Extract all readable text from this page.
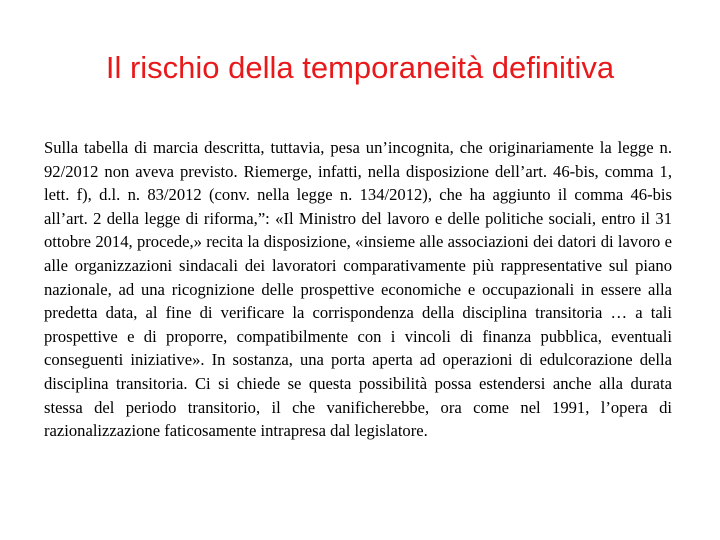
Il rischio della temporaneità definitiva

Sulla tabella di marcia descritta, tuttavia, pesa un’incognita, che originariamente la legge n. 92/2012 non aveva previsto. Riemerge, infatti, nella disposizione dell’art. 46-bis, comma 1, lett. f), d.l. n. 83/2012 (conv. nella legge n. 134/2012), che ha aggiunto il comma 46-bis all’art. 2 della legge di riforma,”: «Il Ministro del lavoro e delle politiche sociali, entro il 31 ottobre 2014, procede,» recita la disposizione, «insieme alle associazioni dei datori di lavoro e alle organizzazioni sindacali dei lavoratori comparativamente più rappresentative sul piano nazionale, ad una ricognizione delle prospettive economiche e occupazionali in essere alla predetta data, al fine di verificare la corrispondenza della disciplina transitoria … a tali prospettive e di proporre, compatibilmente con i vincoli di finanza pubblica, eventuali conseguenti iniziative». In sostanza, una porta aperta ad operazioni di edulcorazione della disciplina transitoria. Ci si chiede se questa possibilità possa estendersi anche alla durata stessa del periodo transitorio, il che vanificherebbe, ora come nel 1991, l’opera di razionalizzazione faticosamente intrapresa dal legislatore.
